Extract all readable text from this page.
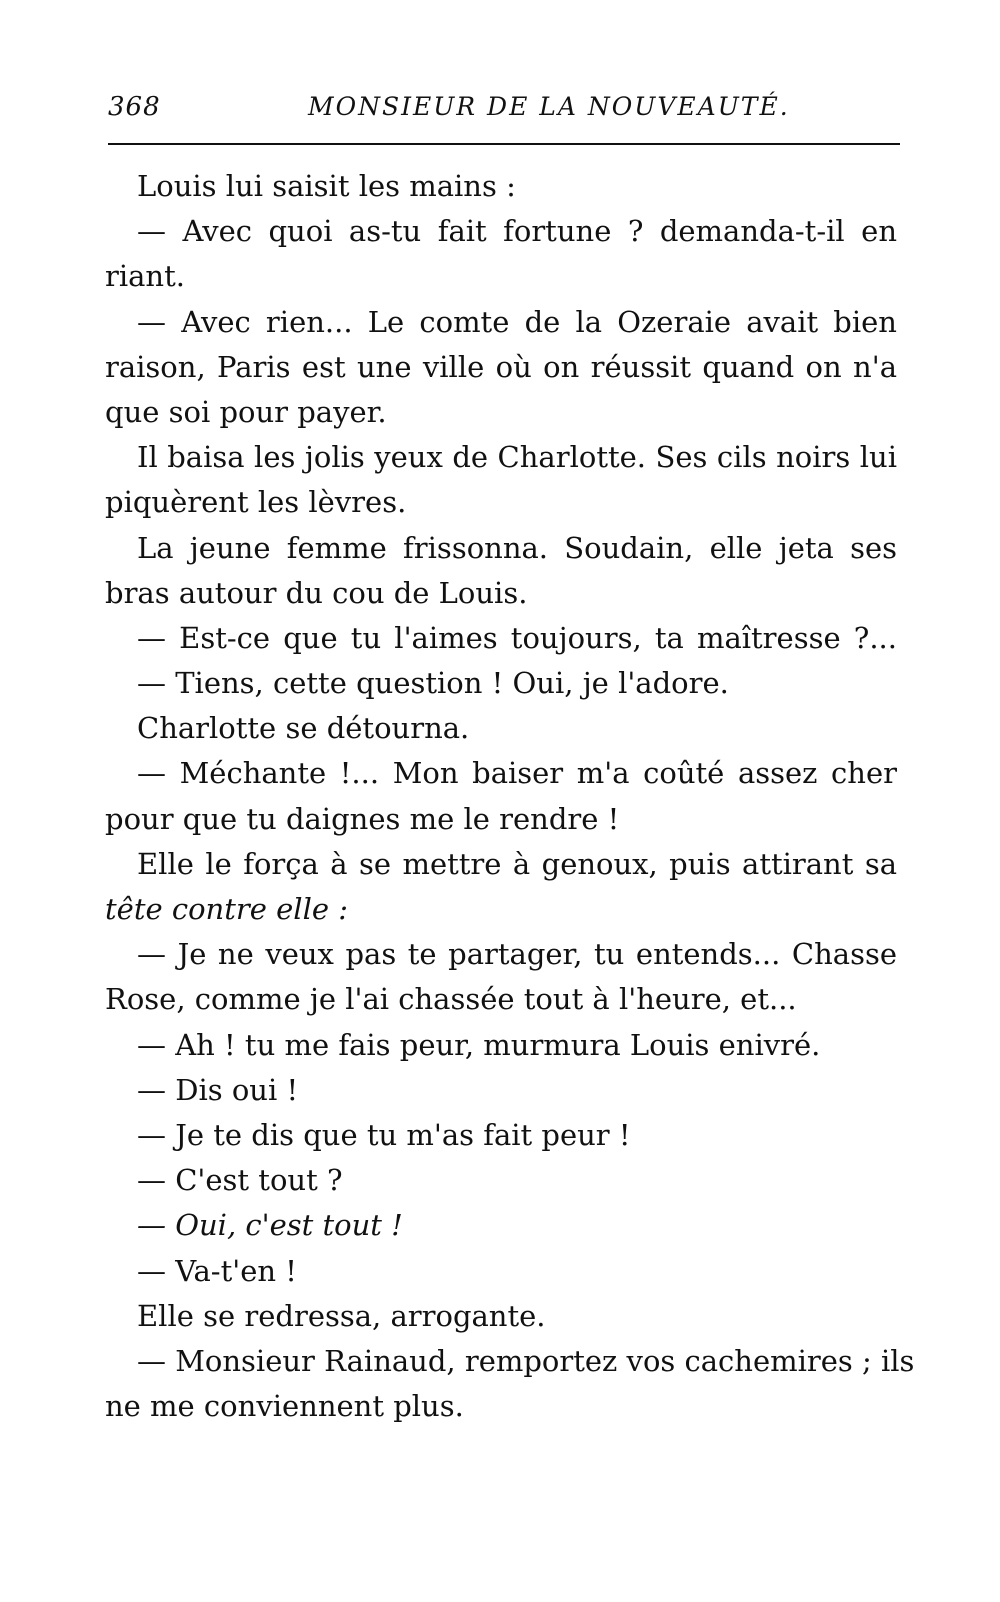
368	MONSIEUR DE LA NOUVEAUTÉ.
Louis lui saisit les mains :
— Avec quoi as-tu fait fortune ? demanda-t-il en
riant.
— Avec rien... Le comte de la Ozeraie avait bien
raison, Paris est une ville où on réussit quand on n'a
que soi pour payer.
Il baisa les jolis yeux de Charlotte. Ses cils noirs lui
piquèrent les lèvres.
La jeune femme frissonna. Soudain, elle jeta ses
bras autour du cou de Louis.
— Est-ce que tu l'aimes toujours, ta maîtresse ?...
— Tiens, cette question ! Oui, je l'adore.
Charlotte se détourna.
— Méchante !... Mon baiser m'a coûté assez cher
pour que tu daignes me le rendre !
Elle le força à se mettre à genoux, puis attirant sa
tête contre elle :
— Je ne veux pas te partager, tu entends... Chasse
Rose, comme je l'ai chassée tout à l'heure, et...
— Ah ! tu me fais peur, murmura Louis enivré.
— Dis oui !
— Je te dis que tu m'as fait peur !
— C'est tout ?
— Oui, c'est tout !
— Va-t'en !
Elle se redressa, arrogante.
— Monsieur Rainaud, remportez vos cachemires ; ils
ne me conviennent plus.
